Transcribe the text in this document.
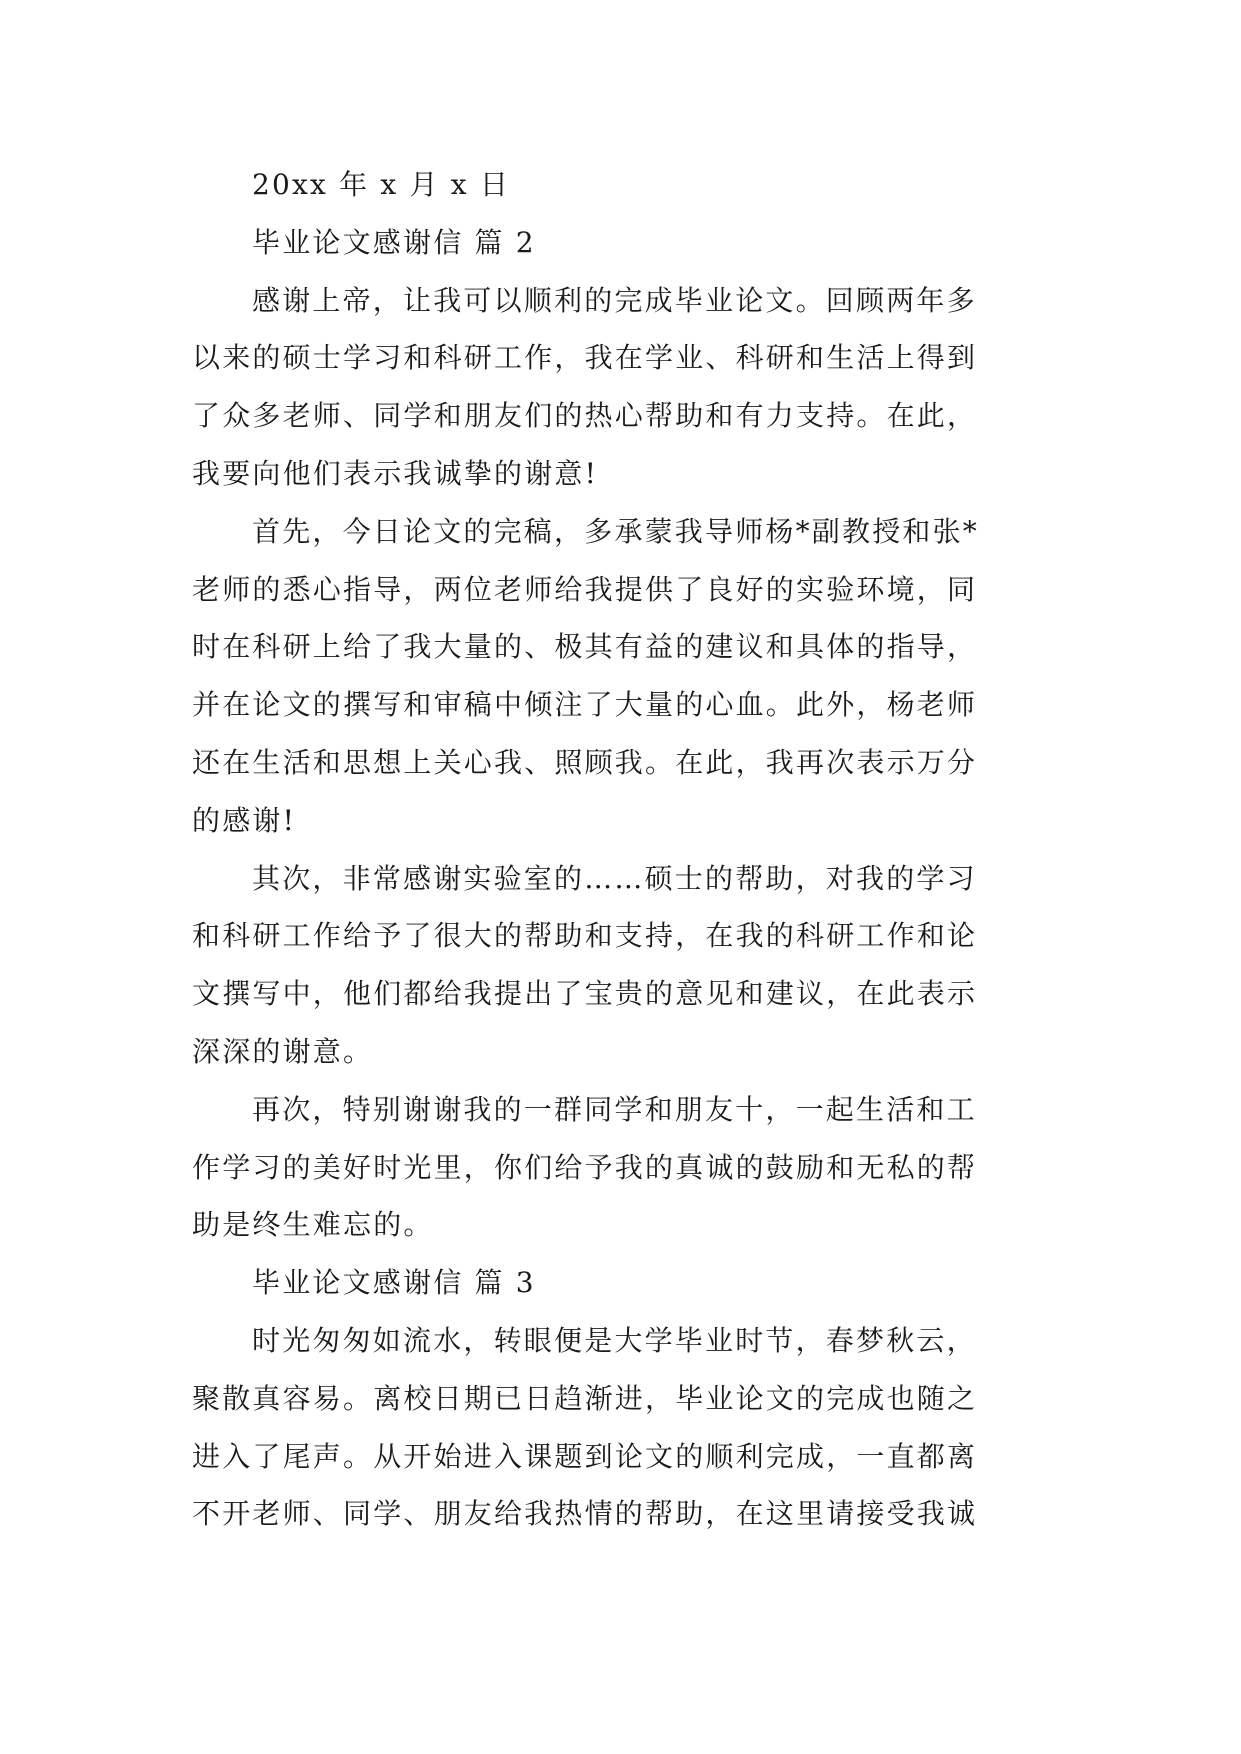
20xx 年 x 月 x 日
毕业论文感谢信 篇 2
感谢上帝，让我可以顺利的完成毕业论文。回顾两年多
以来的硕士学习和科研工作，我在学业、科研和生活上得到
了众多老师、同学和朋友们的热心帮助和有力支持。在此，
我要向他们表示我诚挚的谢意!
首先，今日论文的完稿，多承蒙我导师杨*副教授和张*
老师的悉心指导，两位老师给我提供了良好的实验环境，同
时在科研上给了我大量的、极其有益的建议和具体的指导，
并在论文的撰写和审稿中倾注了大量的心血。此外，杨老师
还在生活和思想上关心我、照顾我。在此，我再次表示万分
的感谢!
其次，非常感谢实验室的……硕士的帮助，对我的学习
和科研工作给予了很大的帮助和支持，在我的科研工作和论
文撰写中，他们都给我提出了宝贵的意见和建议，在此表示
深深的谢意。
再次，特别谢谢我的一群同学和朋友十，一起生活和工
作学习的美好时光里，你们给予我的真诚的鼓励和无私的帮
助是终生难忘的。
毕业论文感谢信 篇 3
时光匆匆如流水，转眼便是大学毕业时节，春梦秋云，
聚散真容易。离校日期已日趋渐进，毕业论文的完成也随之
进入了尾声。从开始进入课题到论文的顺利完成，一直都离
不开老师、同学、朋友给我热情的帮助，在这里请接受我诚
